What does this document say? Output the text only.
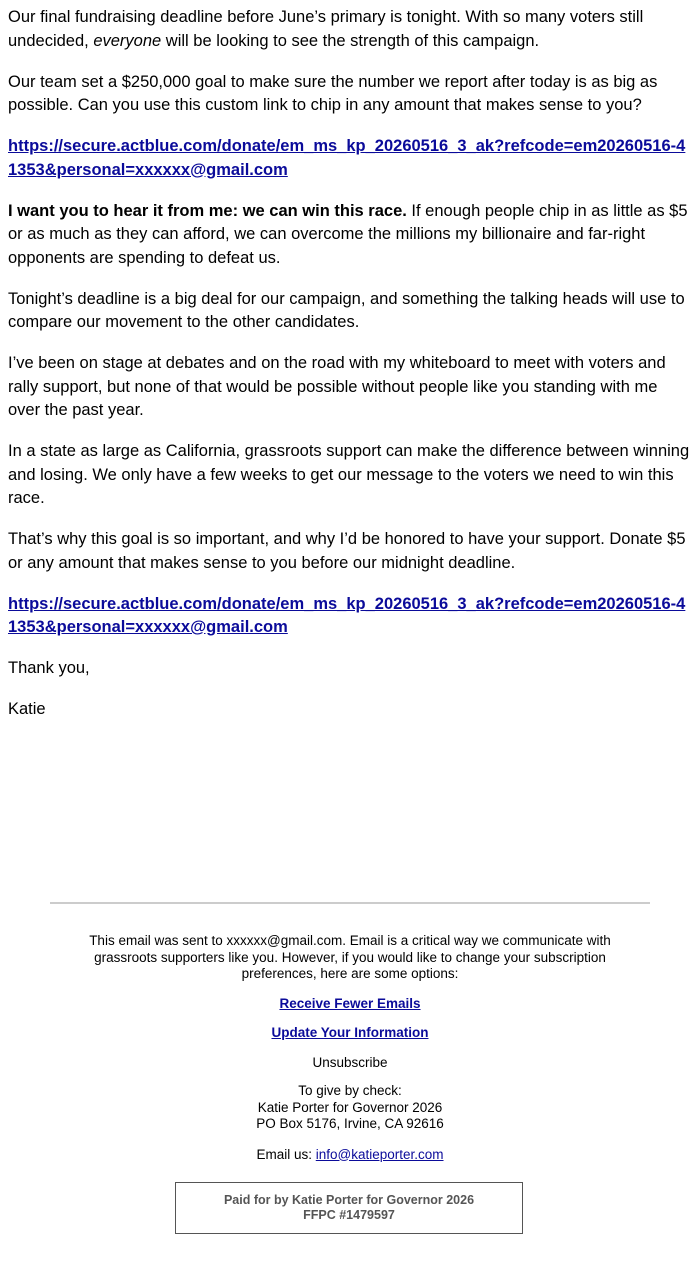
Our final fundraising deadline before June’s primary is tonight. With so many voters still undecided, everyone will be looking to see the strength of this campaign.

Our team set a $250,000 goal to make sure the number we report after today is as big as possible. Can you use this custom link to chip in any amount that makes sense to you?

https://secure.actblue.com/donate/em_ms_kp_20260516_3_ak?refcode=em20260516-41353&personal=xxxxxx@gmail.com

I want you to hear it from me: we can win this race. If enough people chip in as little as $5 or as much as they can afford, we can overcome the millions my billionaire and far-right opponents are spending to defeat us.

Tonight’s deadline is a big deal for our campaign, and something the talking heads will use to compare our movement to the other candidates.

I’ve been on stage at debates and on the road with my whiteboard to meet with voters and rally support, but none of that would be possible without people like you standing with me over the past year.

In a state as large as California, grassroots support can make the difference between winning and losing. We only have a few weeks to get our message to the voters we need to win this race.

That’s why this goal is so important, and why I’d be honored to have your support. Donate $5 or any amount that makes sense to you before our midnight deadline.

https://secure.actblue.com/donate/em_ms_kp_20260516_3_ak?refcode=em20260516-41353&personal=xxxxxx@gmail.com

Thank you,

Katie

This email was sent to xxxxxx@gmail.com. Email is a critical way we communicate with grassroots supporters like you. However, if you would like to change your subscription preferences, here are some options:
Receive Fewer Emails
Update Your Information
Unsubscribe
To give by check:
Katie Porter for Governor 2026
PO Box 5176, Irvine, CA 92616
Email us: info@katieporter.com
Paid for by Katie Porter for Governor 2026
FFPC #1479597
